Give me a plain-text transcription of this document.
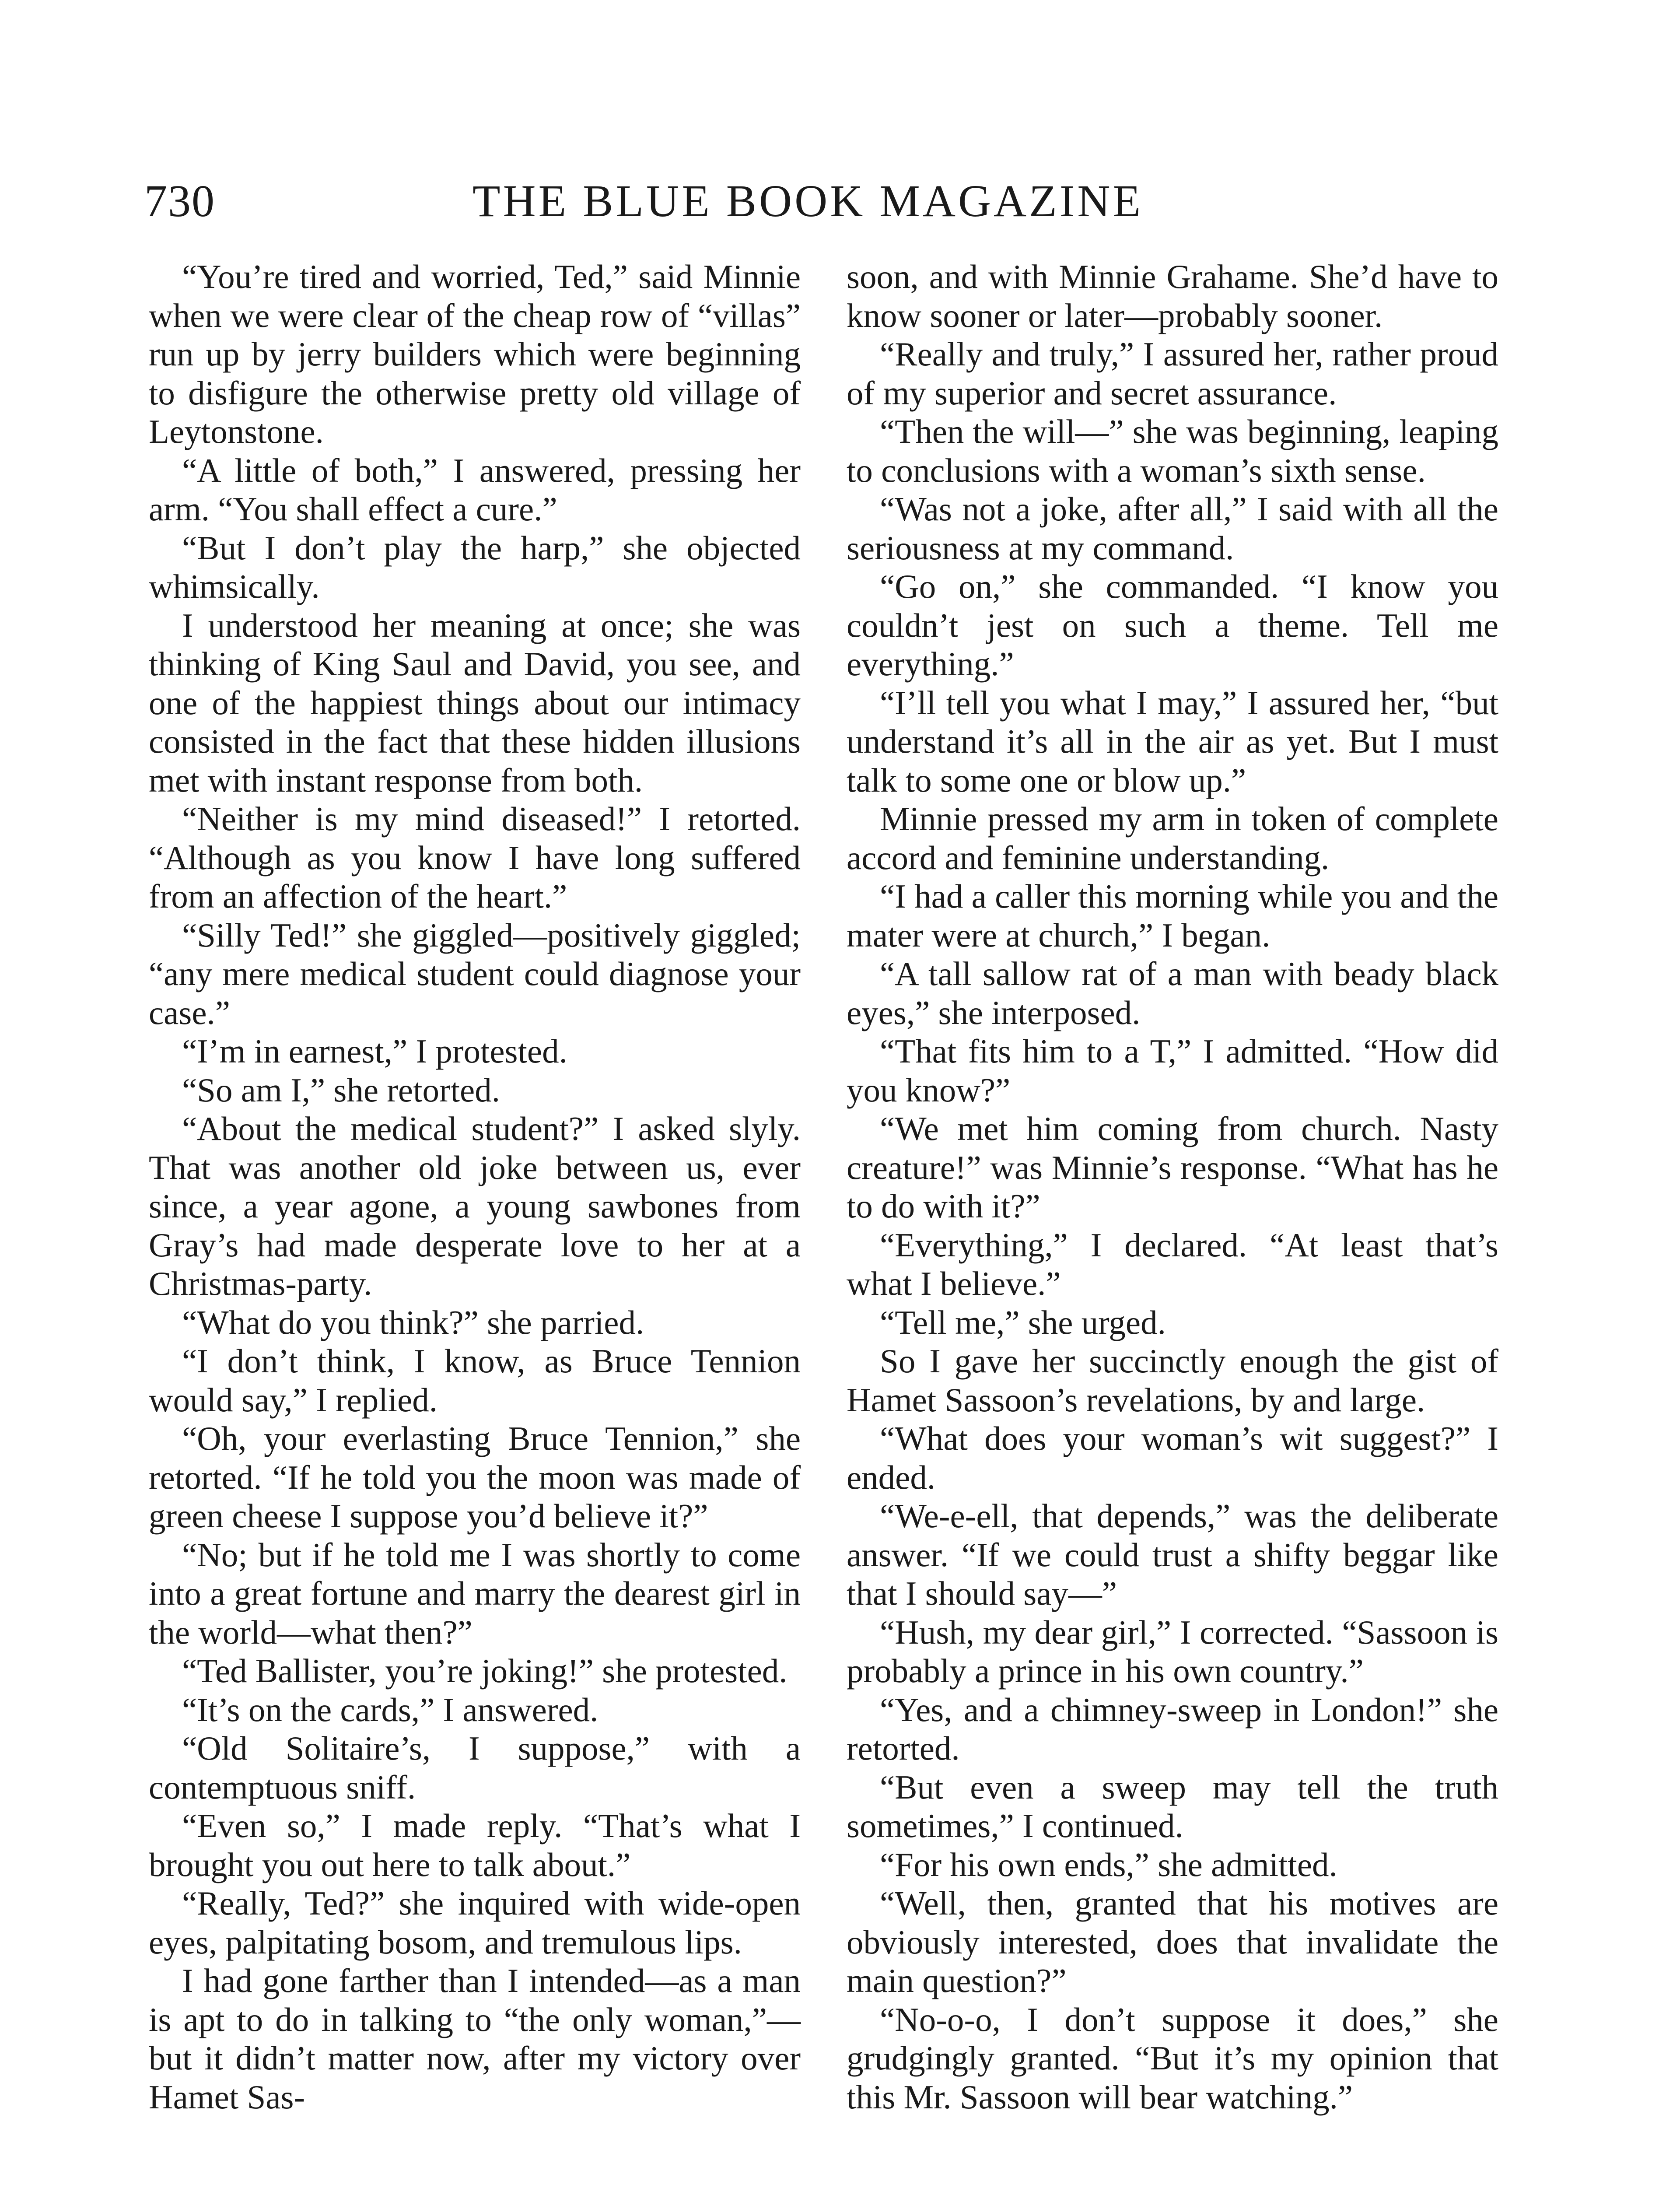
730	THE BLUE BOOK MAGAZINE

“You’re tired and worried, Ted,” said Minnie when we were clear of the cheap row of “villas” run up by jerry builders which were beginning to disfigure the otherwise pretty old village of Leytonstone.

“A little of both,” I answered, pressing her arm. “You shall effect a cure.”

“But I don’t play the harp,” she objected whimsically.

I understood her meaning at once; she was thinking of King Saul and David, you see, and one of the happiest things about our intimacy consisted in the fact that these hidden illusions met with instant response from both.

“Neither is my mind diseased!” I retorted. “Although as you know I have long suffered from an affection of the heart.”

“Silly Ted!” she giggled—positively giggled; “any mere medical student could diagnose your case.”

“I’m in earnest,” I protested.

“So am I,” she retorted.

“About the medical student?” I asked slyly. That was another old joke between us, ever since, a year agone, a young sawbones from Gray’s had made desperate love to her at a Christmas-party.

“What do you think?” she parried.

“I don’t think, I know, as Bruce Tennion would say,” I replied.

“Oh, your everlasting Bruce Tennion,” she retorted. “If he told you the moon was made of green cheese I suppose you’d believe it?”

“No; but if he told me I was shortly to come into a great fortune and marry the dearest girl in the world—what then?”

“Ted Ballister, you’re joking!” she protested.

“It’s on the cards,” I answered.

“Old Solitaire’s, I suppose,” with a contemptuous sniff.

“Even so,” I made reply. “That’s what I brought you out here to talk about.”

“Really, Ted?” she inquired with wide-open eyes, palpitating bosom, and tremulous lips.

I had gone farther than I intended—as a man is apt to do in talking to “the only woman,”—but it didn’t matter now, after my victory over Hamet Sas-

soon, and with Minnie Grahame. She’d have to know sooner or later—probably sooner.

“Really and truly,” I assured her, rather proud of my superior and secret assurance.

“Then the will—” she was beginning, leaping to conclusions with a woman’s sixth sense.

“Was not a joke, after all,” I said with all the seriousness at my command.

“Go on,” she commanded. “I know you couldn’t jest on such a theme. Tell me everything.”

“I’ll tell you what I may,” I assured her, “but understand it’s all in the air as yet. But I must talk to some one or blow up.”

Minnie pressed my arm in token of complete accord and feminine understanding.

“I had a caller this morning while you and the mater were at church,” I began.

“A tall sallow rat of a man with beady black eyes,” she interposed.

“That fits him to a T,” I admitted. “How did you know?”

“We met him coming from church. Nasty creature!” was Minnie’s response. “What has he to do with it?”

“Everything,” I declared. “At least that’s what I believe.”

“Tell me,” she urged.

So I gave her succinctly enough the gist of Hamet Sassoon’s revelations, by and large.

“What does your woman’s wit suggest?” I ended.

“We-e-ell, that depends,” was the deliberate answer. “If we could trust a shifty beggar like that I should say—”

“Hush, my dear girl,” I corrected. “Sassoon is probably a prince in his own country.”

“Yes, and a chimney-sweep in London!” she retorted.

“But even a sweep may tell the truth sometimes,” I continued.

“For his own ends,” she admitted.

“Well, then, granted that his motives are obviously interested, does that invalidate the main question?”

“No-o-o, I don’t suppose it does,” she grudgingly granted. “But it’s my opinion that this Mr. Sassoon will bear watching.”
